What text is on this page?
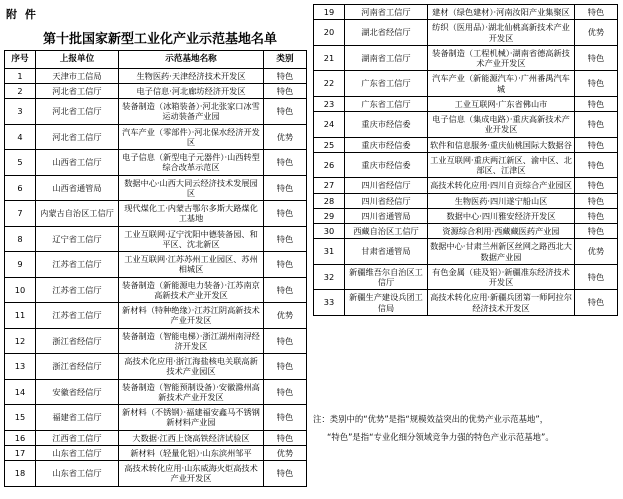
附 件
第十批国家新型工业化产业示范基地名单
序号	上报单位	示范基地名称	类别
1	天津市工信局	生物医药·天津经济技术开发区	特色
2	河北省工信厅	电子信息·河北廊坊经济开发区	特色
3	河北省工信厅	装备制造（冰箱装备）·河北张家口冰雪运动装备产业园	特色
4	河北省工信厅	汽车产业（零部件）·河北保水经济开发区	优势
5	山西省工信厅	电子信息（新型电子元器件）·山西转型综合改革示范区	特色
6	山西省通管局	数据中心·山西大同云经济技术发展园区	特色
7	内蒙古自治区工信厅	现代煤化工·内蒙古鄂尔多斯大路煤化工基地	特色
8	辽宁省工信厅	工业互联网·辽宁沈阳中德装备园、和平区、沈北新区	特色
9	江苏省工信厅	工业互联网·江苏苏州工业园区、苏州相城区	特色
10	江苏省工信厅	装备制造（新能源电力装备）·江苏南京高新技术产业开发区	特色
11	江苏省工信厅	新材料（特种绝缘）·江苏江阴高新技术产业开发区	优势
12	浙江省经信厅	装备制造（智能电梯）·浙江湖州南浔经济开发区	特色
13	浙江省经信厅	高技术化应用·浙江海盐核电关联高新技术产业园区	特色
14	安徽省经信厅	装备制造（智能预制设备）·安徽滁州高新技术产业开发区	特色
15	福建省工信厅	新材料（不锈钢）·福建福安鑫马不锈钢新材料产业园	特色
16	江西省工信厅	大数据·江西上饶高铁经济试验区	特色
17	山东省工信厅	新材料（轻量化铝）·山东滨州邹平	优势
18	山东省工信厅	高技术转化应用·山东威海火炬高技术产业开发区	特色
19	河南省工信厅	建材（绿色建材）·河南汝阳产业集聚区	特色
20	湖北省经信厅	纺织（医用品）·湖北仙桃高新技术产业开发区	优势
21	湖南省工信厅	装备制造（工程机械）·湖南省德高新技术产业开发区	特色
22	广东省工信厅	汽车产业（新能源汽车）·广州番禺汽车城	特色
23	广东省工信厅	工业互联网·广东省佛山市	特色
24	重庆市经信委	电子信息（集成电路）·重庆高新技术产业开发区	特色
25	重庆市经信委	软件和信息服务·重庆仙桃国际大数据谷	特色
26	重庆市经信委	工业互联网·重庆两江新区、渝中区、北部区、江津区	特色
27	四川省经信厅	高技术转化应用·四川自贡综合产业园区	特色
28	四川省经信厅	生物医药·四川遂宁船山区	特色
29	四川省通管局	数据中心·四川雅安经济开发区	特色
30	西藏自治区工信厅	资源综合利用·西藏藏医药产业园	特色
31	甘肃省通管局	数据中心·甘肃兰州新区丝网之路西北大数据产业园	优势
32	新疆维吾尔自治区工信厅	有色金属（硅及铝）·新疆准东经济技术开发区	特色
33	新疆生产建设兵团工信局	高技术转化应用·新疆兵团第一师阿拉尔经济技术开发区	特色

注：类别中的“优势”是指“规模效益突出的优势产业示范基地”，

“特色”是指“专业化细分领域竞争力强的特色产业示范基地”。
